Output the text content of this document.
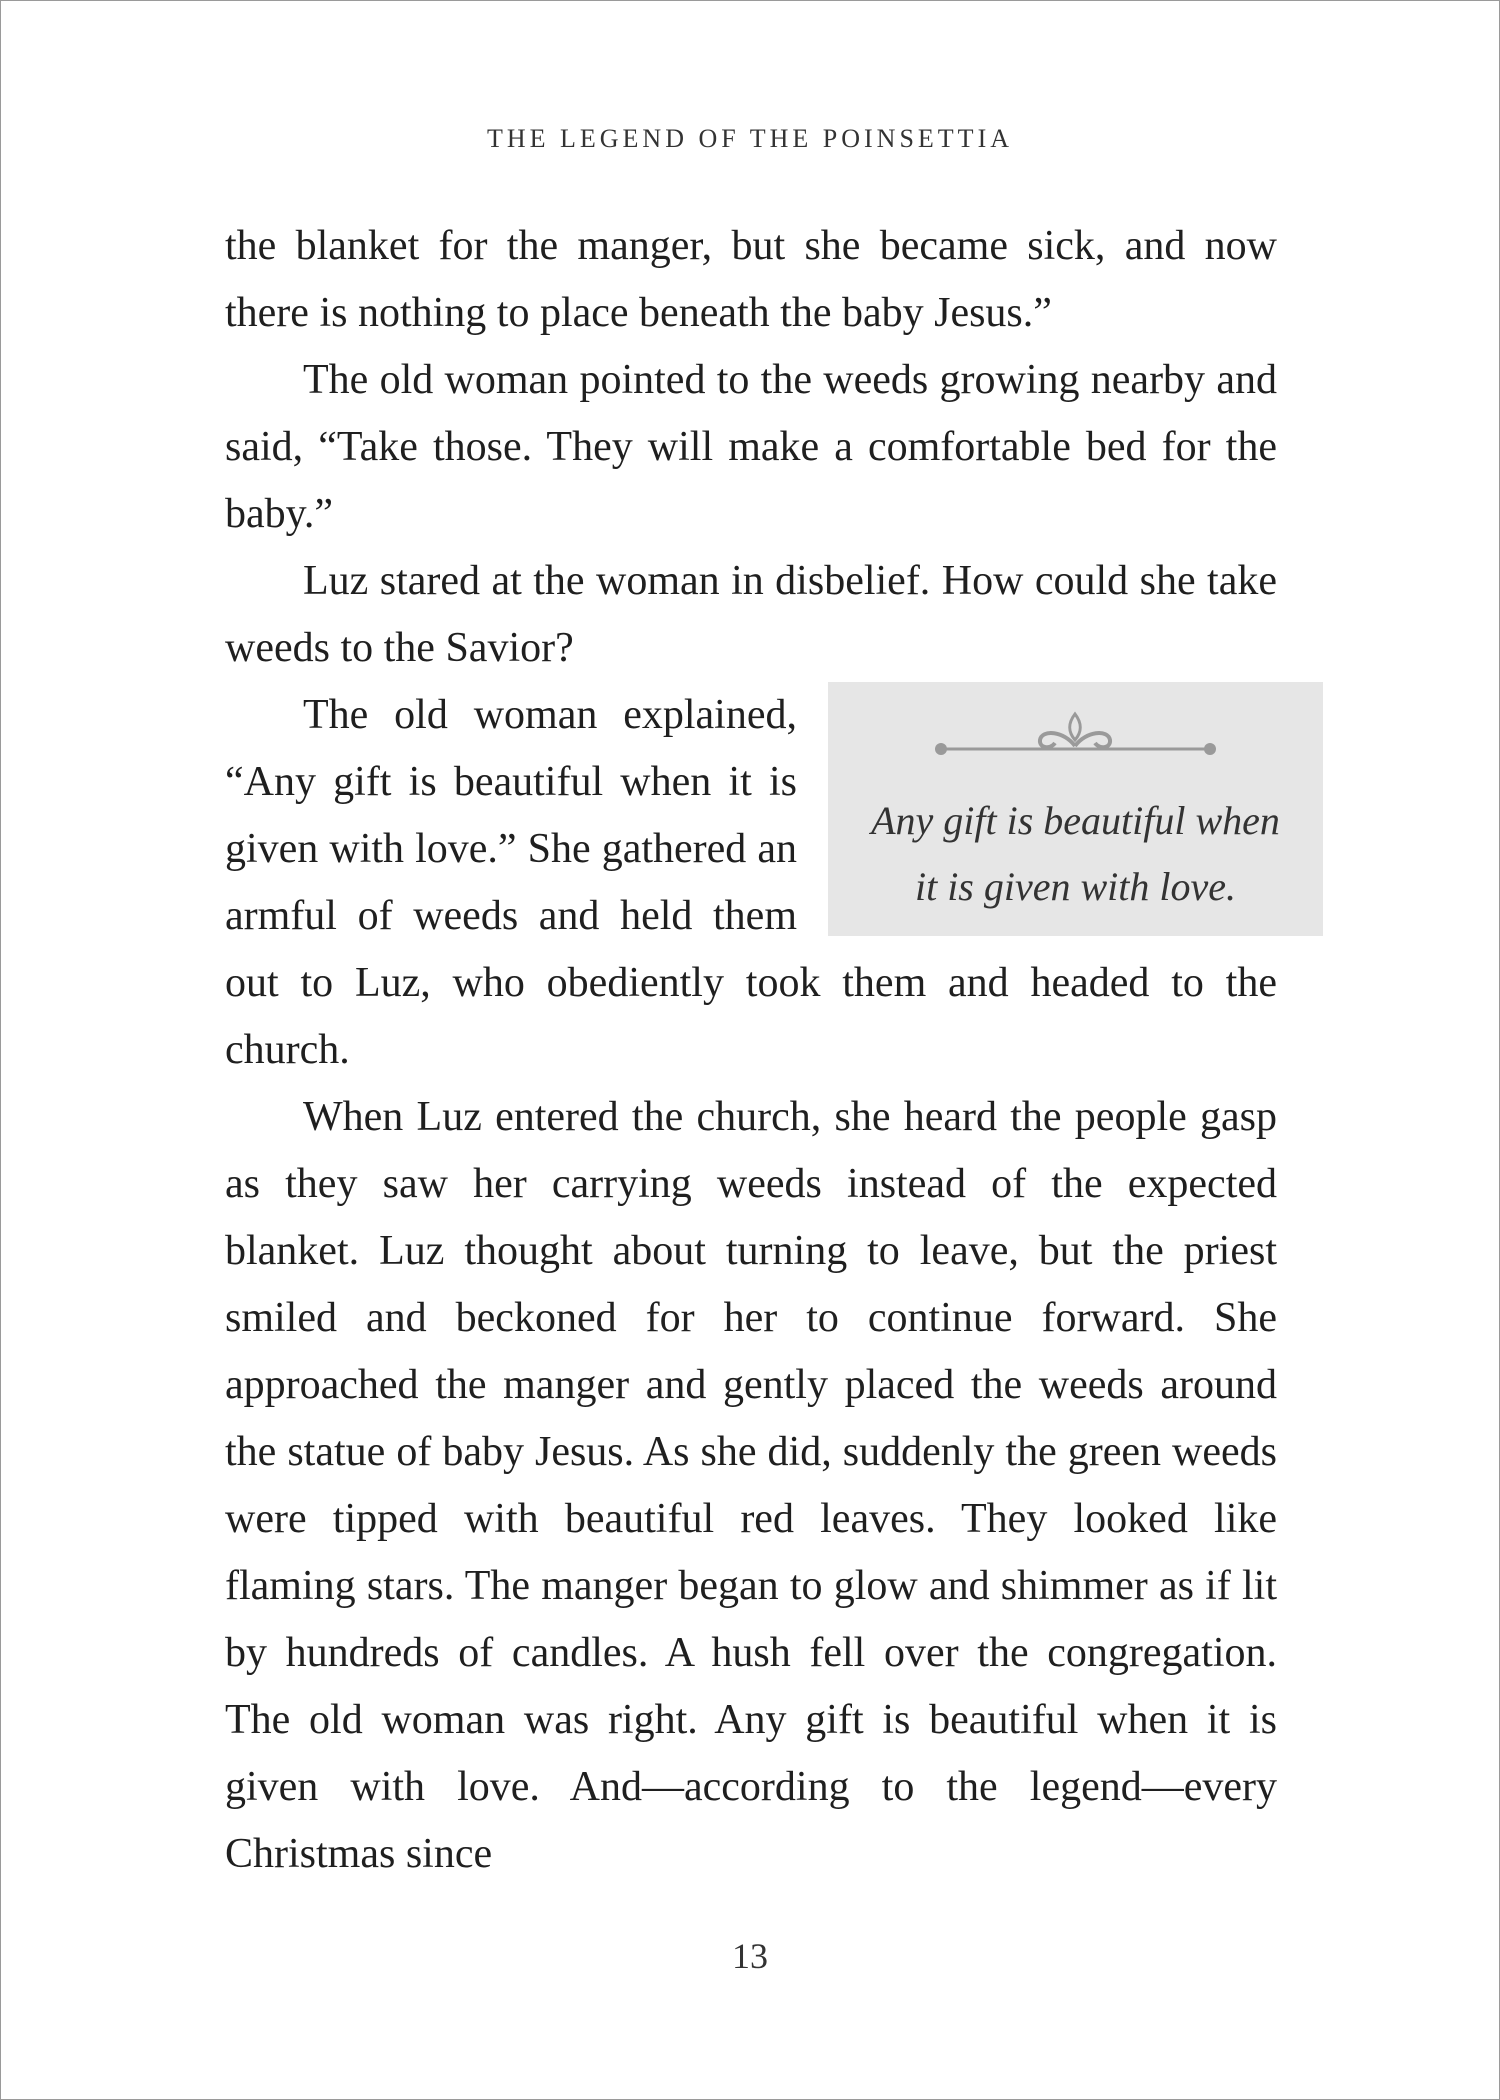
THE LEGEND OF THE POINSETTIA

the blanket for the manger, but she became sick, and now there is nothing to place beneath the baby Jesus.”

The old woman pointed to the weeds growing nearby and said, “Take those. They will make a comfortable bed for the baby.”

Luz stared at the woman in disbelief. How could she take weeds to the Savior?

Any gift is beautiful when
it is given with love.

The old woman explained, “Any gift is beautiful when it is given with love.” She gathered an armful of weeds and held them out to Luz, who obediently took them and headed to the church.

When Luz entered the church, she heard the people gasp as they saw her carrying weeds instead of the expected blanket. Luz thought about turning to leave, but the priest smiled and beckoned for her to continue forward. She approached the manger and gently placed the weeds around the statue of baby Jesus. As she did, suddenly the green weeds were tipped with beautiful red leaves. They looked like flaming stars. The manger began to glow and shimmer as if lit by hundreds of candles. A hush fell over the congregation. The old woman was right. Any gift is beautiful when it is given with love. And—according to the legend—every Christmas since

13
